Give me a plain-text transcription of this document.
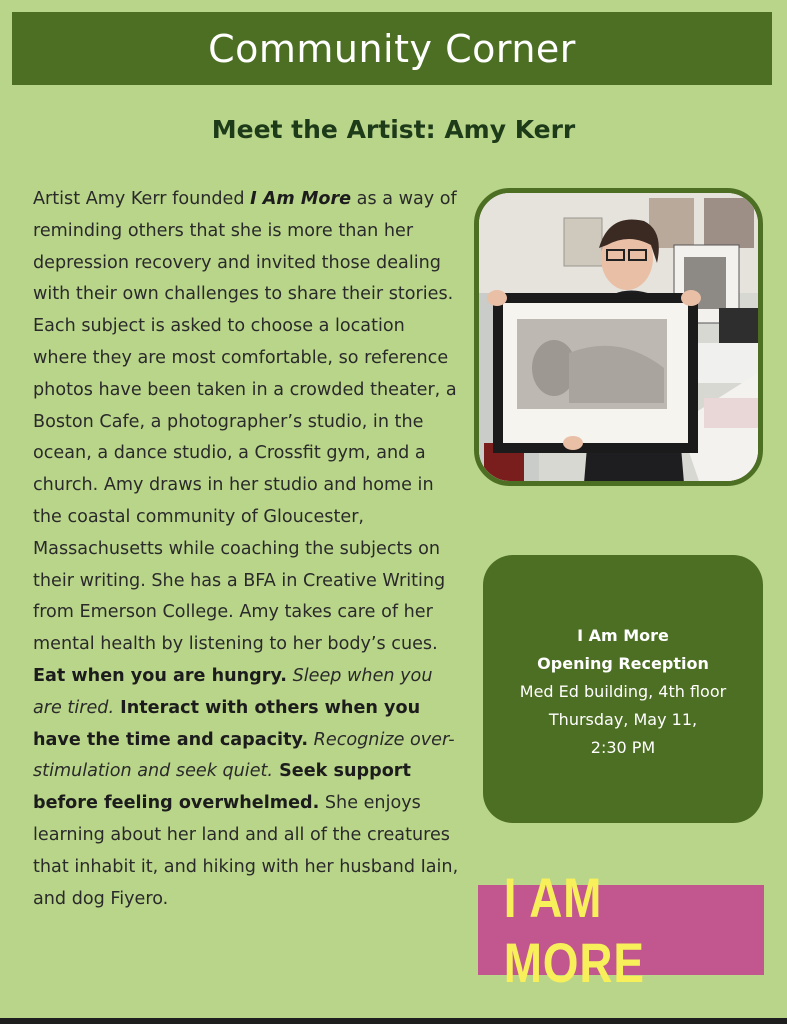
Community Corner
Meet the Artist: Amy Kerr
Artist Amy Kerr founded I Am More as a way of reminding others that she is more than her depression recovery and invited those dealing with their own challenges to share their stories. Each subject is asked to choose a location where they are most comfortable, so reference photos have been taken in a crowded theater, a Boston Cafe, a photographer’s studio, in the ocean, a dance studio, a Crossfit gym, and a church. Amy draws in her studio and home in the coastal community of Gloucester, Massachusetts while coaching the subjects on their writing. She has a BFA in Creative Writing from Emerson College. Amy takes care of her mental health by listening to her body’s cues. Eat when you are hungry. Sleep when you are tired. Interact with others when you have the time and capacity. Recognize over-stimulation and seek quiet. Seek support before feeling overwhelmed. She enjoys learning about her land and all of the creatures that inhabit it, and hiking with her husband Iain, and dog Fiyero.
I Am More
Opening Reception
Med Ed building, 4th floor
Thursday, May 11,
2:30 PM
I AM MORE
